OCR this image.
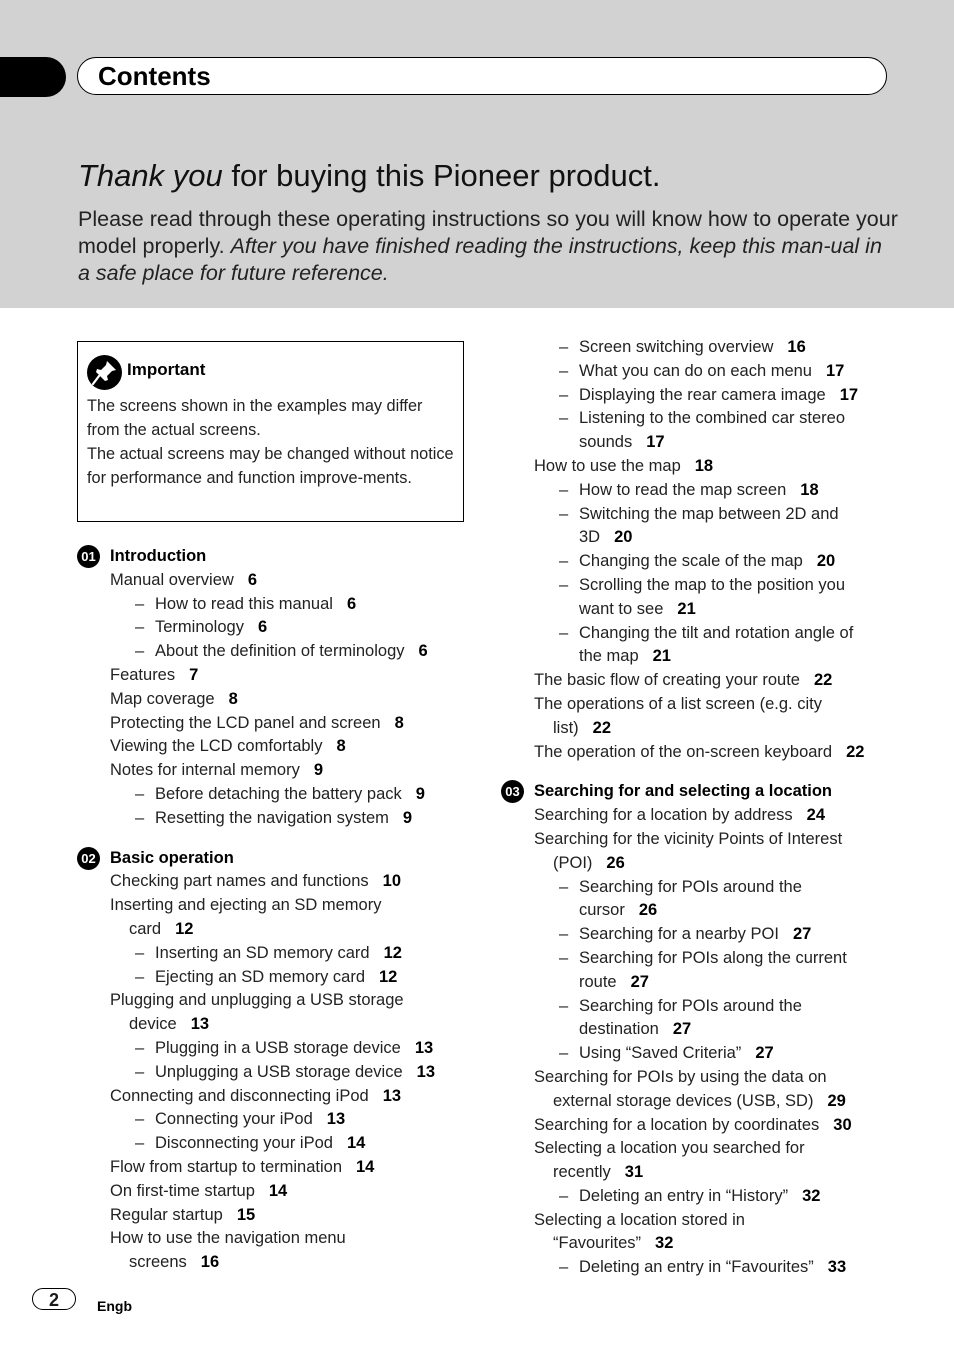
Contents
Thank you for buying this Pioneer product.
Please read through these operating instructions so you will know how to operate your model properly. After you have finished reading the instructions, keep this man-ual in a safe place for future reference.
Important

The screens shown in the examples may differ from the actual screens.

The actual screens may be changed without notice for performance and function improve-ments.

01 Introduction
Manual overview 6
– How to read this manual 6
– Terminology 6
– About the definition of terminology 6
Features 7
Map coverage 8
Protecting the LCD panel and screen 8
Viewing the LCD comfortably 8
Notes for internal memory 9
– Before detaching the battery pack 9
– Resetting the navigation system 9
02 Basic operation
Checking part names and functions 10
Inserting and ejecting an SD memory
card 12
– Inserting an SD memory card 12
– Ejecting an SD memory card 12
Plugging and unplugging a USB storage
device 13
– Plugging in a USB storage device 13
– Unplugging a USB storage device 13
Connecting and disconnecting iPod 13
– Connecting your iPod 13
– Disconnecting your iPod 14
Flow from startup to termination 14
On first-time startup 14
Regular startup 15
How to use the navigation menu
screens 16
– Screen switching overview 16
– What you can do on each menu 17
– Displaying the rear camera image 17
– Listening to the combined car stereo
sounds 17
How to use the map 18
– How to read the map screen 18
– Switching the map between 2D and
3D 20
– Changing the scale of the map 20
– Scrolling the map to the position you
want to see 21
– Changing the tilt and rotation angle of
the map 21
The basic flow of creating your route 22
The operations of a list screen (e.g. city
list) 22
The operation of the on-screen keyboard 22
03 Searching for and selecting a location
Searching for a location by address 24
Searching for the vicinity Points of Interest
(POI) 26
– Searching for POIs around the
cursor 26
– Searching for a nearby POI 27
– Searching for POIs along the current
route 27
– Searching for POIs around the
destination 27
– Using “Saved Criteria” 27
Searching for POIs by using the data on
external storage devices (USB, SD) 29
Searching for a location by coordinates 30
Selecting a location you searched for
recently 31
– Deleting an entry in “History” 32
Selecting a location stored in
“Favourites” 32
– Deleting an entry in “Favourites” 33
2	Engb
